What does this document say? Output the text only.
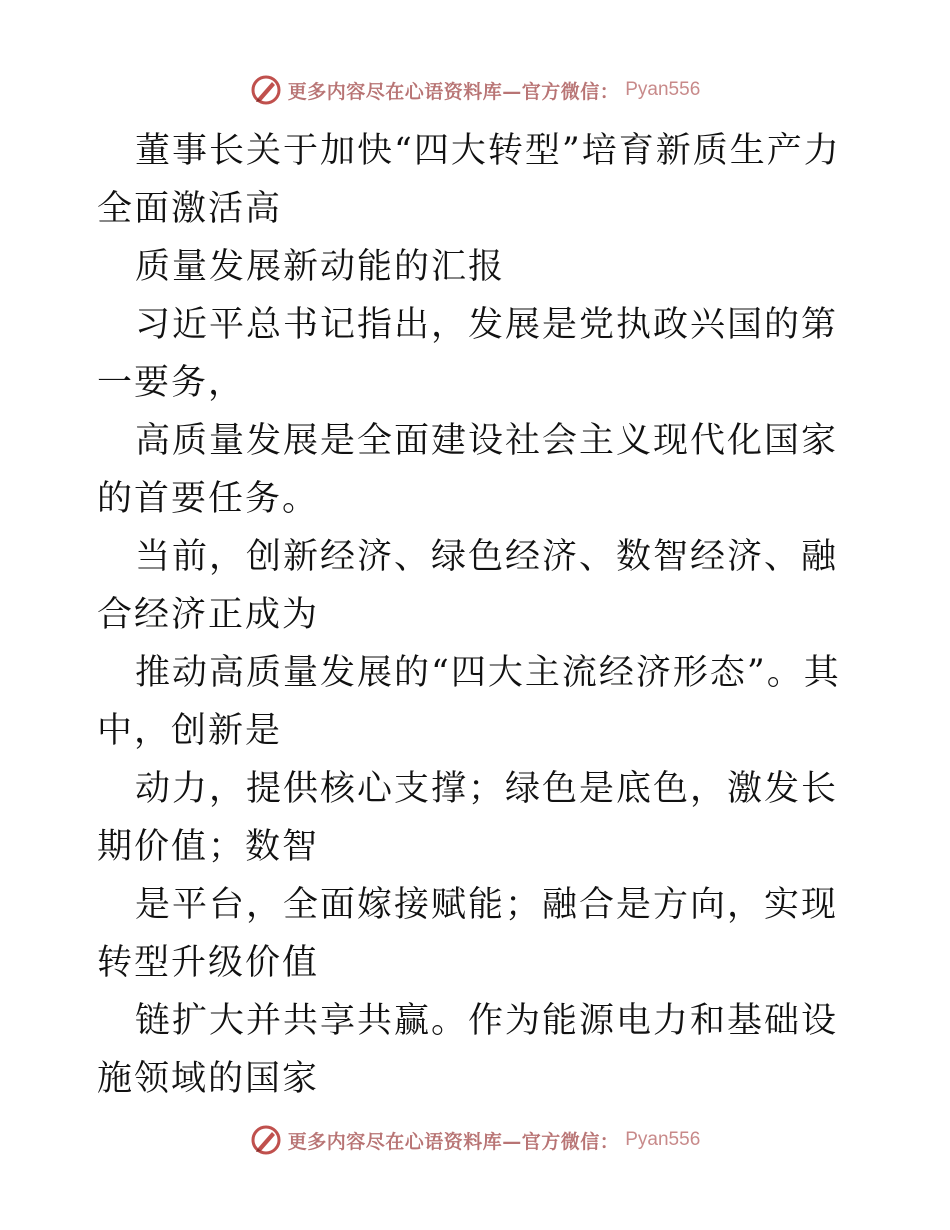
更多内容尽在心语资料库—官方微信： Pyan556

董事长关于加快“四大转型”培育新质生产力全面激活高

质量发展新动能的汇报

习近平总书记指出，发展是党执政兴国的第一要务，

高质量发展是全面建设社会主义现代化国家的首要任务。

当前，创新经济、绿色经济、数智经济、融合经济正成为

推动高质量发展的“四大主流经济形态”。其中，创新是

动力，提供核心支撑；绿色是底色，激发长期价值；数智

是平台，全面嫁接赋能；融合是方向，实现转型升级价值

链扩大并共享共赢。作为能源电力和基础设施领域的国家

更多内容尽在心语资料库—官方微信： Pyan556
